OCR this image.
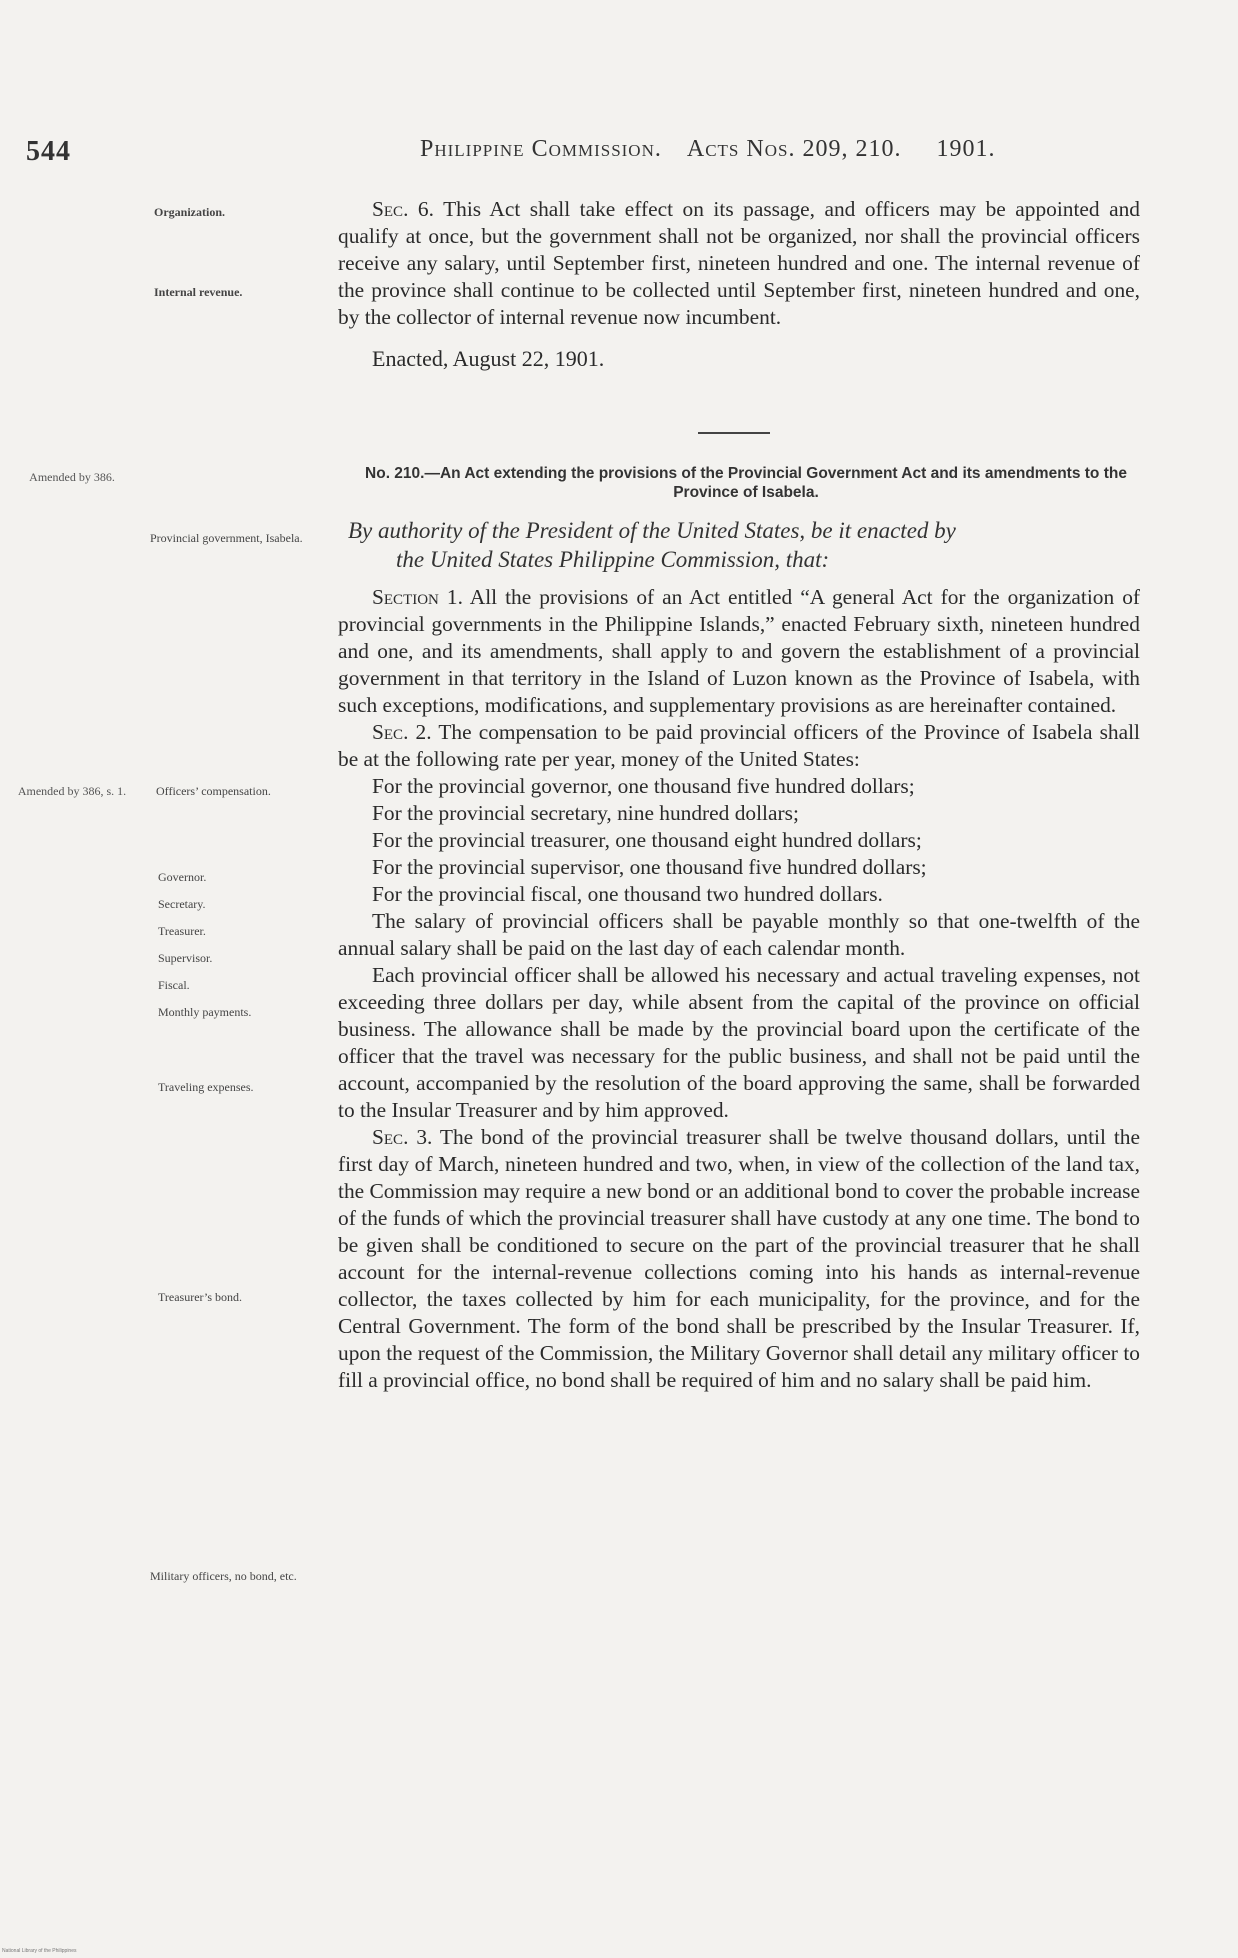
544	Philippine Commission. Acts Nos. 209, 210. 1901.
Organization.
Internal revenue.
Amended by 386.
Provincial government, Isabela.
Amended by 386, s. 1.	Officers’ compensation.
Governor.
Secretary.
Treasurer.
Supervisor.
Fiscal.
Monthly payments.
Traveling expenses.
Treasurer’s bond.
Military officers, no bond, etc.

Sec. 6. This Act shall take effect on its passage, and officers may be appointed and qualify at once, but the government shall not be organized, nor shall the provincial officers receive any salary, until September first, nineteen hundred and one. The internal revenue of the province shall continue to be collected until September first, nineteen hundred and one, by the collector of internal revenue now incumbent.

Enacted, August 22, 1901.

No. 210.—An Act extending the provisions of the Provincial Government Act and its amendments to the Province of Isabela.
By authority of the President of the United States, be it enacted by
the United States Philippine Commission, that:

Section 1. All the provisions of an Act entitled “A general Act for the organization of provincial governments in the Philippine Islands,” enacted February sixth, nineteen hundred and one, and its amendments, shall apply to and govern the establishment of a provincial government in that territory in the Island of Luzon known as the Province of Isabela, with such exceptions, modifications, and supplementary provisions as are hereinafter contained.

Sec. 2. The compensation to be paid provincial officers of the Province of Isabela shall be at the following rate per year, money of the United States:

For the provincial governor, one thousand five hundred dollars;

For the provincial secretary, nine hundred dollars;

For the provincial treasurer, one thousand eight hundred dollars;

For the provincial supervisor, one thousand five hundred dollars;

For the provincial fiscal, one thousand two hundred dollars.

The salary of provincial officers shall be payable monthly so that one-twelfth of the annual salary shall be paid on the last day of each calendar month.

Each provincial officer shall be allowed his necessary and actual traveling expenses, not exceeding three dollars per day, while absent from the capital of the province on official business. The allowance shall be made by the provincial board upon the certificate of the officer that the travel was necessary for the public business, and shall not be paid until the account, accompanied by the resolution of the board approving the same, shall be forwarded to the Insular Treasurer and by him approved.

Sec. 3. The bond of the provincial treasurer shall be twelve thousand dollars, until the first day of March, nineteen hundred and two, when, in view of the collection of the land tax, the Commission may require a new bond or an additional bond to cover the probable increase of the funds of which the provincial treasurer shall have custody at any one time. The bond to be given shall be conditioned to secure on the part of the provincial treasurer that he shall account for the internal-revenue collections coming into his hands as internal-revenue collector, the taxes collected by him for each municipality, for the province, and for the Central Government. The form of the bond shall be prescribed by the Insular Treasurer. If, upon the request of the Commission, the Military Governor shall detail any military officer to fill a provincial office, no bond shall be required of him and no salary shall be paid him.

National Library of the Philippines
